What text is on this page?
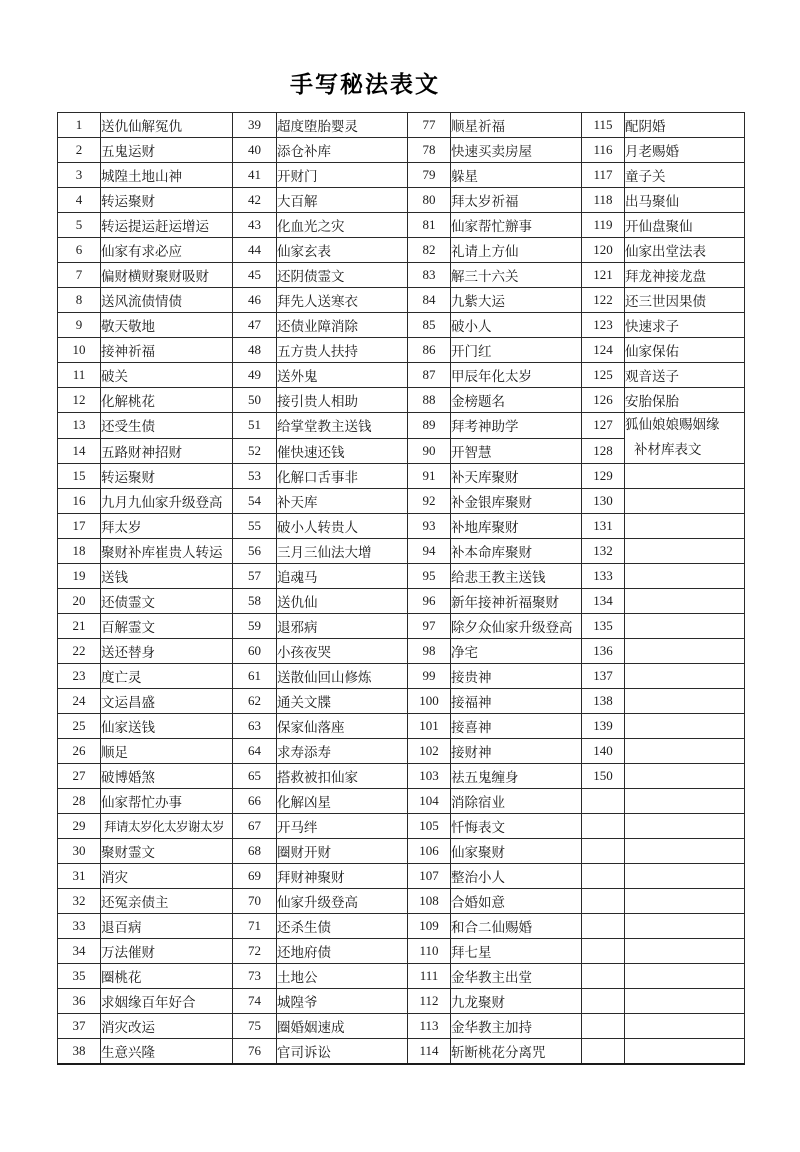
手写秘法表文
1	送仇仙解冤仇	39	超度堕胎婴灵	77	顺星祈福	115	配阴婚
2	五鬼运财	40	添仓补库	78	快速买卖房屋	116	月老赐婚
3	城隍土地山神	41	开财门	79	躲星	117	童子关
4	转运聚财	42	大百解	80	拜太岁祈福	118	出马聚仙
5	转运提运赶运增运	43	化血光之灾	81	仙家帮忙辦事	119	开仙盘聚仙
6	仙家有求必应	44	仙家玄表	82	礼请上方仙	120	仙家出堂法表
7	偏财横财聚财吸财	45	还阴债霊文	83	解三十六关	121	拜龙神接龙盘
8	送风流债情债	46	拜先人送寒衣	84	九紫大运	122	还三世因果债
9	敬天敬地	47	还债业障消除	85	破小人	123	快速求子
10	接神祈福	48	五方贵人扶持	86	开门红	124	仙家保佑
11	破关	49	送外鬼	87	甲辰年化太岁	125	观音送子
12	化解桃花	50	接引贵人相助	88	金榜题名	126	安胎保胎
13	还受生债	51	给掌堂教主送钱	89	拜考神助学	127	狐仙娘娘赐姻缘
补材库表文

14	五路财神招财	52	催快速还钱	90	开智慧	128	
15	转运聚财	53	化解口舌事非	91	补天库聚财	129	
16	九月九仙家升级登高	54	补天库	92	补金银库聚财	130	
17	拜太岁	55	破小人转贵人	93	补地库聚财	131	
18	聚财补库崔贵人转运	56	三月三仙法大增	94	补本命库聚财	132	
19	送钱	57	追魂马	95	给悲王教主送钱	133	
20	还债霊文	58	送仇仙	96	新年接神祈福聚财	134	
21	百解霊文	59	退邪病	97	除夕众仙家升级登高	135	
22	送还替身	60	小孩夜哭	98	净宅	136	
23	度亡灵	61	送散仙回山修炼	99	接贵神	137	
24	文运昌盛	62	通关文牒	100	接福神	138	
25	仙家送钱	63	保家仙落座	101	接喜神	139	
26	顺足	64	求寿添寿	102	接财神	140	
27	破博婚煞	65	搭救被扣仙家	103	祛五鬼缠身	150	
28	仙家帮忙办事	66	化解凶星	104	消除宿业		
29	拜请太岁化太岁谢太岁	67	开马绊	105	忏悔表文		
30	聚财霊文	68	圈财开财	106	仙家聚财		
31	消灾	69	拜财神聚财	107	整治小人		
32	还冤亲债主	70	仙家升级登高	108	合婚如意		
33	退百病	71	还杀生债	109	和合二仙赐婚		
34	万法催财	72	还地府债	110	拜七星		
35	圈桃花	73	土地公	111	金华教主出堂		
36	求姻缘百年好合	74	城隍爷	112	九龙聚财		
37	消灾改运	75	圈婚姻速成	113	金华教主加持		
38	生意兴隆	76	官司诉讼	114	斩断桃花分离咒		
